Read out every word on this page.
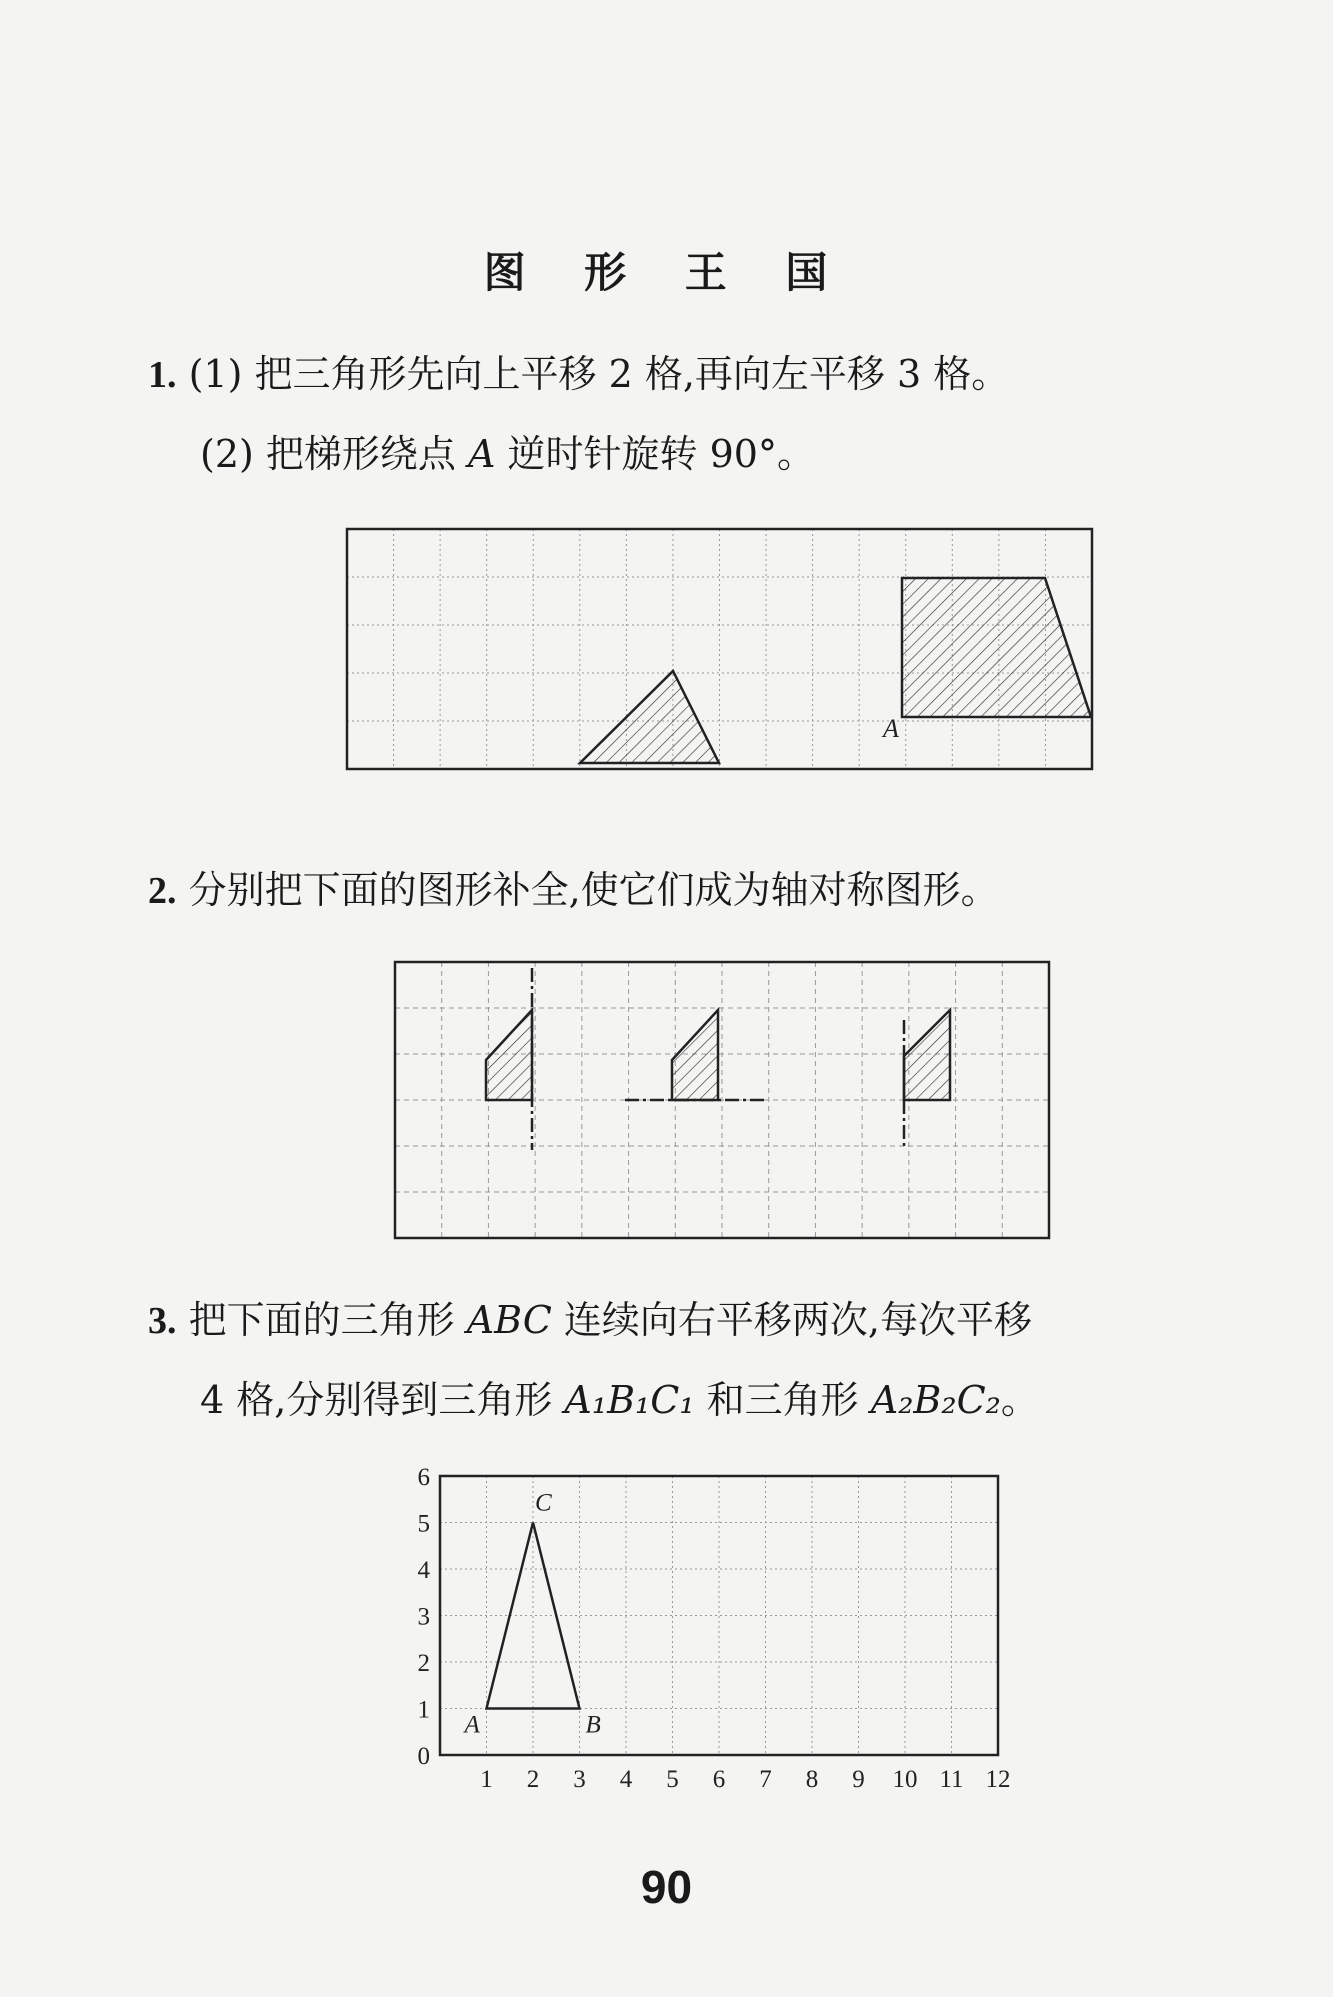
图 形 王 国
1. (1) 把三角形先向上平移 2 格,再向左平移 3 格。
(2) 把梯形绕点 A 逆时针旋转 90°。
A
2. 分别把下面的图形补全,使它们成为轴对称图形。
3. 把下面的三角形 ABC 连续向右平移两次,每次平移
4 格,分别得到三角形 A₁B₁C₁ 和三角形 A₂B₂C₂。
1 2 3 4 5 6 7 8 9 10 11 12
0
1
2
3
4
5
6
A	B
C
90
